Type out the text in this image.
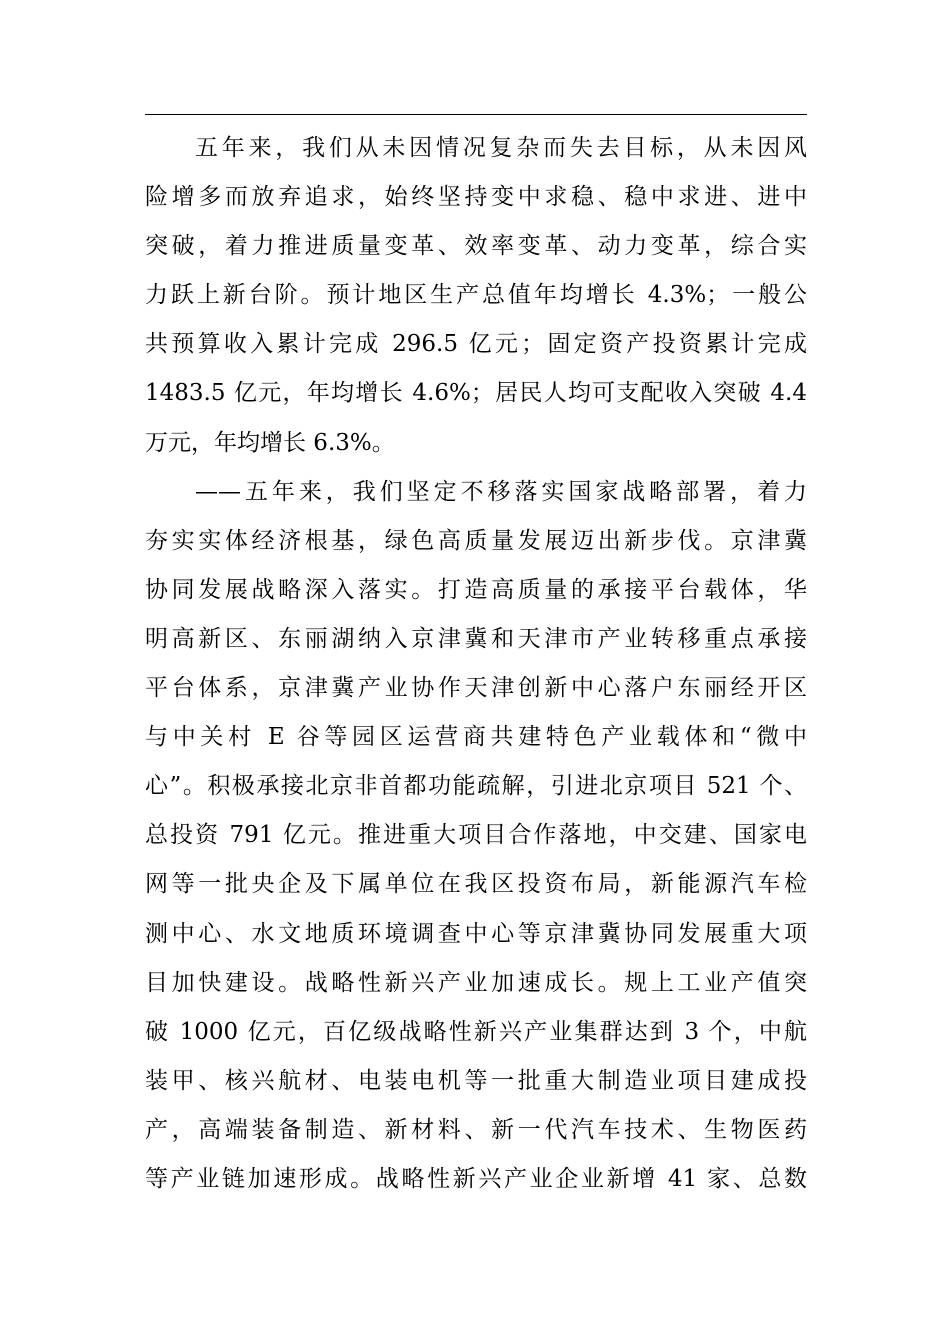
五年来，我们从未因情况复杂而失去目标，从未因风
险增多而放弃追求，始终坚持变中求稳、稳中求进、进中
突破，着力推进质量变革、效率变革、动力变革，综合实
力跃上新台阶。预计地区生产总值年均增长 4.3%；一般公
共预算收入累计完成 296.5 亿元；固定资产投资累计完成
1483.5 亿元，年均增长 4.6%；居民人均可支配收入突破 4.4
万元，年均增长 6.3%。
——五年来，我们坚定不移落实国家战略部署，着力
夯实实体经济根基，绿色高质量发展迈出新步伐。京津冀
协同发展战略深入落实。打造高质量的承接平台载体，华
明高新区、东丽湖纳入京津冀和天津市产业转移重点承接
平台体系，京津冀产业协作天津创新中心落户东丽经开区
与中关村 E 谷等园区运营商共建特色产业载体和“微中
心”。积极承接北京非首都功能疏解，引进北京项目 521 个、
总投资 791 亿元。推进重大项目合作落地，中交建、国家电
网等一批央企及下属单位在我区投资布局，新能源汽车检
测中心、水文地质环境调查中心等京津冀协同发展重大项
目加快建设。战略性新兴产业加速成长。规上工业产值突
破 1000 亿元，百亿级战略性新兴产业集群达到 3 个，中航
装甲、核兴航材、电装电机等一批重大制造业项目建成投
产，高端装备制造、新材料、新一代汽车技术、生物医药
等产业链加速形成。战略性新兴产业企业新增 41 家、总数
